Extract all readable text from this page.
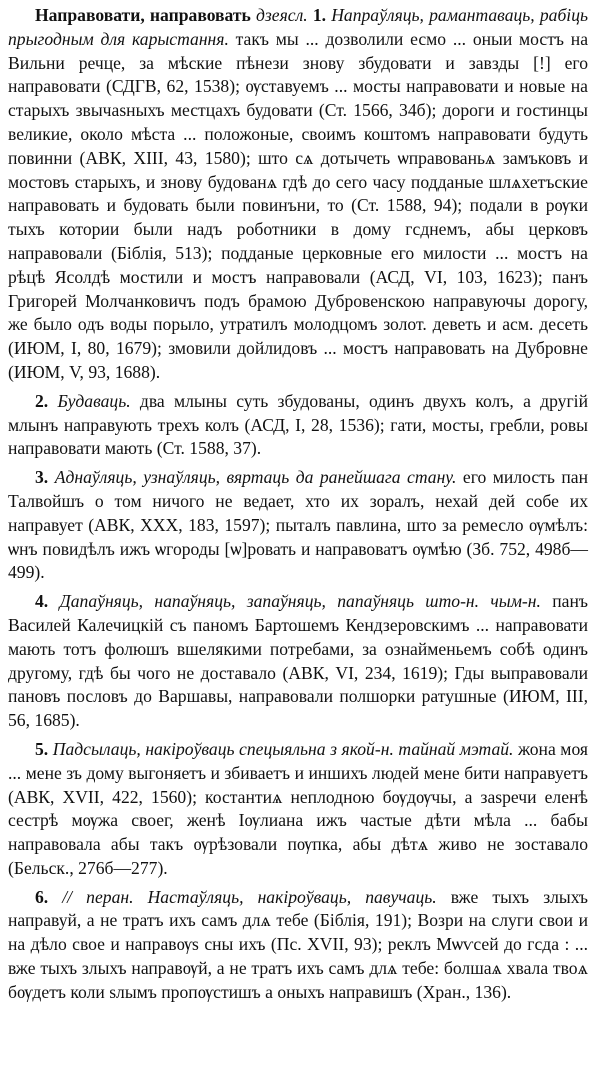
Направовати, направовать дзеясл. 1. Напраўляць, рамантаваць, рабіць прыгодным для карыстання. такъ мы ... дозволили есмо ... оныи мостъ на Вильни речце, за мѣские пѣнези знову збудовати и завзды [!] его направовати (СДГВ, 62, 1538); ѹставуемъ ... мосты направовати и новые на старыхъ звычаѕныхъ местцахъ будовати (Ст. 1566, 34б); дороги и гостинцы великие, около мѣста ... положоные, своимъ коштомъ направовати будуть повинни (АВК, XIII, 43, 1580); што сѧ дотычеть ѡправованьѧ замъковъ и мостовъ старыхъ, и знову будованѧ гдѣ до сего часу подданые шлѧхетъские направовать и будовать были повинъни, то (Ст. 1588, 94); подали в рѹки тыхъ котории были надъ роботники в дому гсднемъ, абы церковъ направовали (Біблія, 513); подданые церковные его милости ... мостъ на рѣцѣ Ясолдѣ мостили и мостъ направовали (АСД, VI, 103, 1623); панъ Григорей Молчанковичъ подъ брамою Дубровенскою направуючы дорогу, же было одъ воды порыло, утратилъ молодцомъ золот. деветь и асм. десеть (ИЮМ, I, 80, 1679); змовили дойлидовъ ... мостъ направовать на Дубровне (ИЮМ, V, 93, 1688).

2. Будаваць. два млыны суть збудованы, одинъ двухъ колъ, а другій млынъ направують трехъ колъ (АСД, I, 28, 1536); гати, мосты, гребли, ровы направовати мають (Ст. 1588, 37).

3. Аднаўляць, узнаўляць, вяртаць да ранейшага стану. его милость пан Талвойшъ о том ничого не ведает, хто их зоралъ, нехай дей собе их направует (АВК, XXX, 183, 1597); пыталъ павлина, што за ремесло ѹмѣлъ: ѡнъ повидѣлъ ижъ ѡгороды [ѡ]ровать и направоватъ ѹмѣю (Зб. 752, 498б—499).

4. Дапаўняць, напаўняць, запаўняць, папаўняць што-н. чым-н. панъ Василей Калечицкій съ паномъ Бартошемъ Кендзеровскимъ ... направовати мають тотъ фолюшъ вшелякими потребами, за ознайменьемъ собѣ одинъ другому, гдѣ бы чого не доставало (АВК, VI, 234, 1619); Гды выправовали пановъ пословъ до Варшавы, направовали полшорки ратушные (ИЮМ, III, 56, 1685).

5. Падсылаць, накіроўваць спецыяльна з якой-н. тайнай мэтай. жона моя ... мене зъ дому выгоняетъ и збиваетъ и иншихъ людей мене бити направуетъ (АВК, XVII, 422, 1560); костантиѧ неплодною бѹдѹчы, а заѕречи еленѣ сестрѣ мѹжа своег, женѣ Іѹлиана ижъ частые дѣти мѣла ... бабы направовала абы такъ ѹрѣзовали пѹпка, абы дѣтѧ живо не зоставало (Бельск., 276б—277).

6. // перан. Настаўляць, накіроўваць, павучаць. вже тыхъ злыхъ направуй, а не тратъ ихъ самъ длѧ тебе (Біблія, 191); Возри на слуги свои и на дѣло свое и направѹѕ сны ихъ (Пс. XVII, 93); реклъ Мѡѵсей до гсда : ... вже тыхъ злыхъ направѹй, а не тратъ ихъ самъ длѧ тебе: болшаѧ хвала твоѧ бѹдетъ коли ѕлымъ пропѹстишъ а оныхъ направишъ (Хран., 136).
